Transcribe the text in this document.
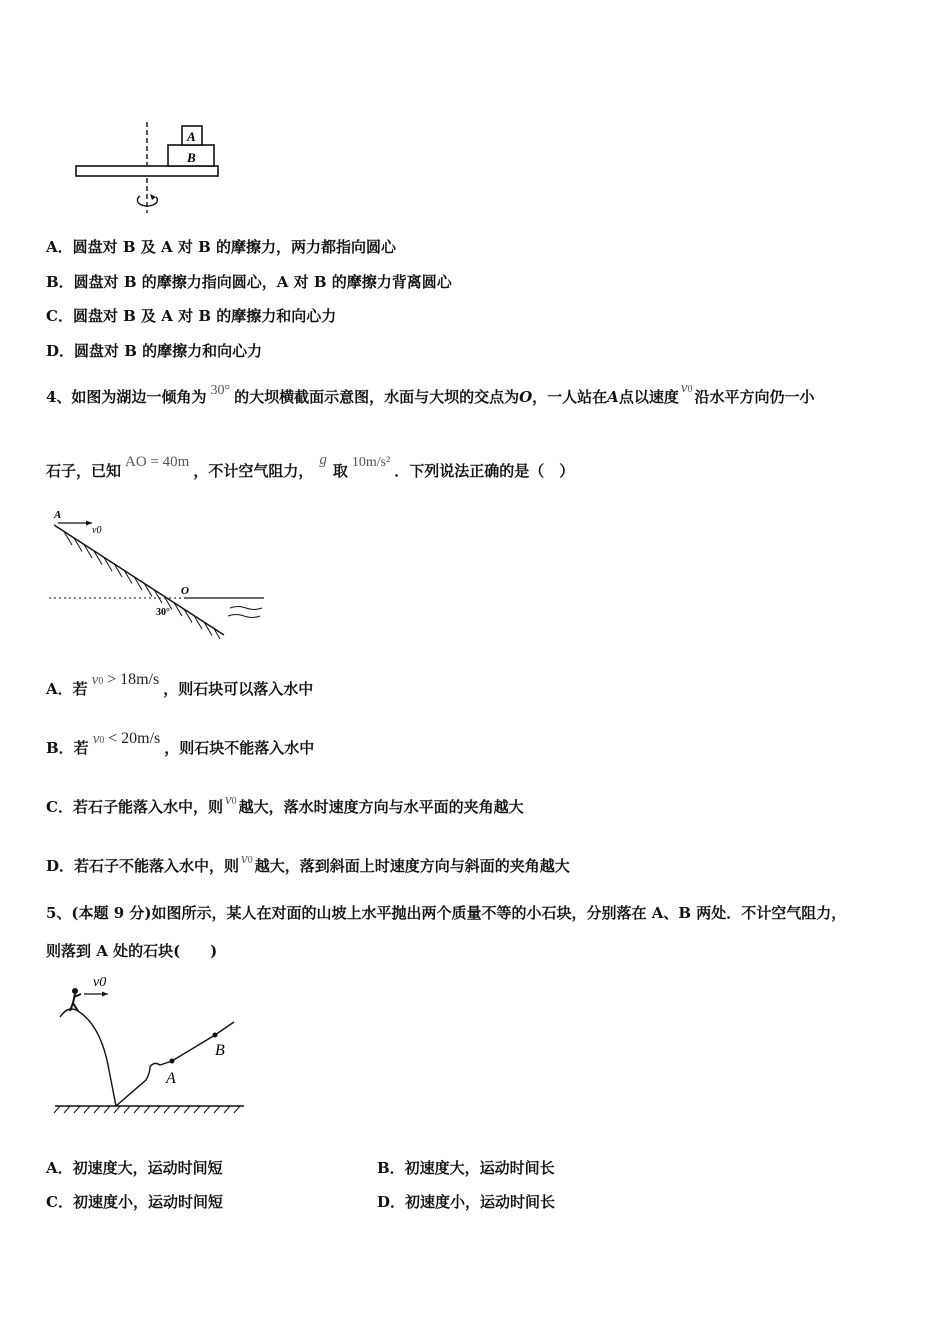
A
B
A．圆盘对 B 及 A 对 B 的摩擦力，两力都指向圆心
B．圆盘对 B 的摩擦力指向圆心，A 对 B 的摩擦力背离圆心
C．圆盘对 B 及 A 对 B 的摩擦力和向心力
D．圆盘对 B 的摩擦力和向心力
4、如图为湖边一倾角为 30° 的大坝横截面示意图，水面与大坝的交点为O，一人站在A点以速度 v0 沿水平方向仍一小
石子，已知 AO = 40m ，不计空气阻力，g取 10m/s² ．下列说法正确的是（　）
A
v0
O
30°
A．若 v0 > 18m/s，则石块可以落入水中
B．若 v0 < 20m/s，则石块不能落入水中
C．若石子能落入水中，则 v0 越大，落水时速度方向与水平面的夹角越大
D．若石子不能落入水中，则 v0 越大，落到斜面上时速度方向与斜面的夹角越大
5、(本题 9 分)如图所示，某人在对面的山坡上水平抛出两个质量不等的小石块，分别落在 A、B 两处．不计空气阻力，
则落到 A 处的石块(　　)
A
B
v0
A．初速度大，运动时间短	B．初速度大，运动时间长
C．初速度小，运动时间短	D．初速度小，运动时间长
